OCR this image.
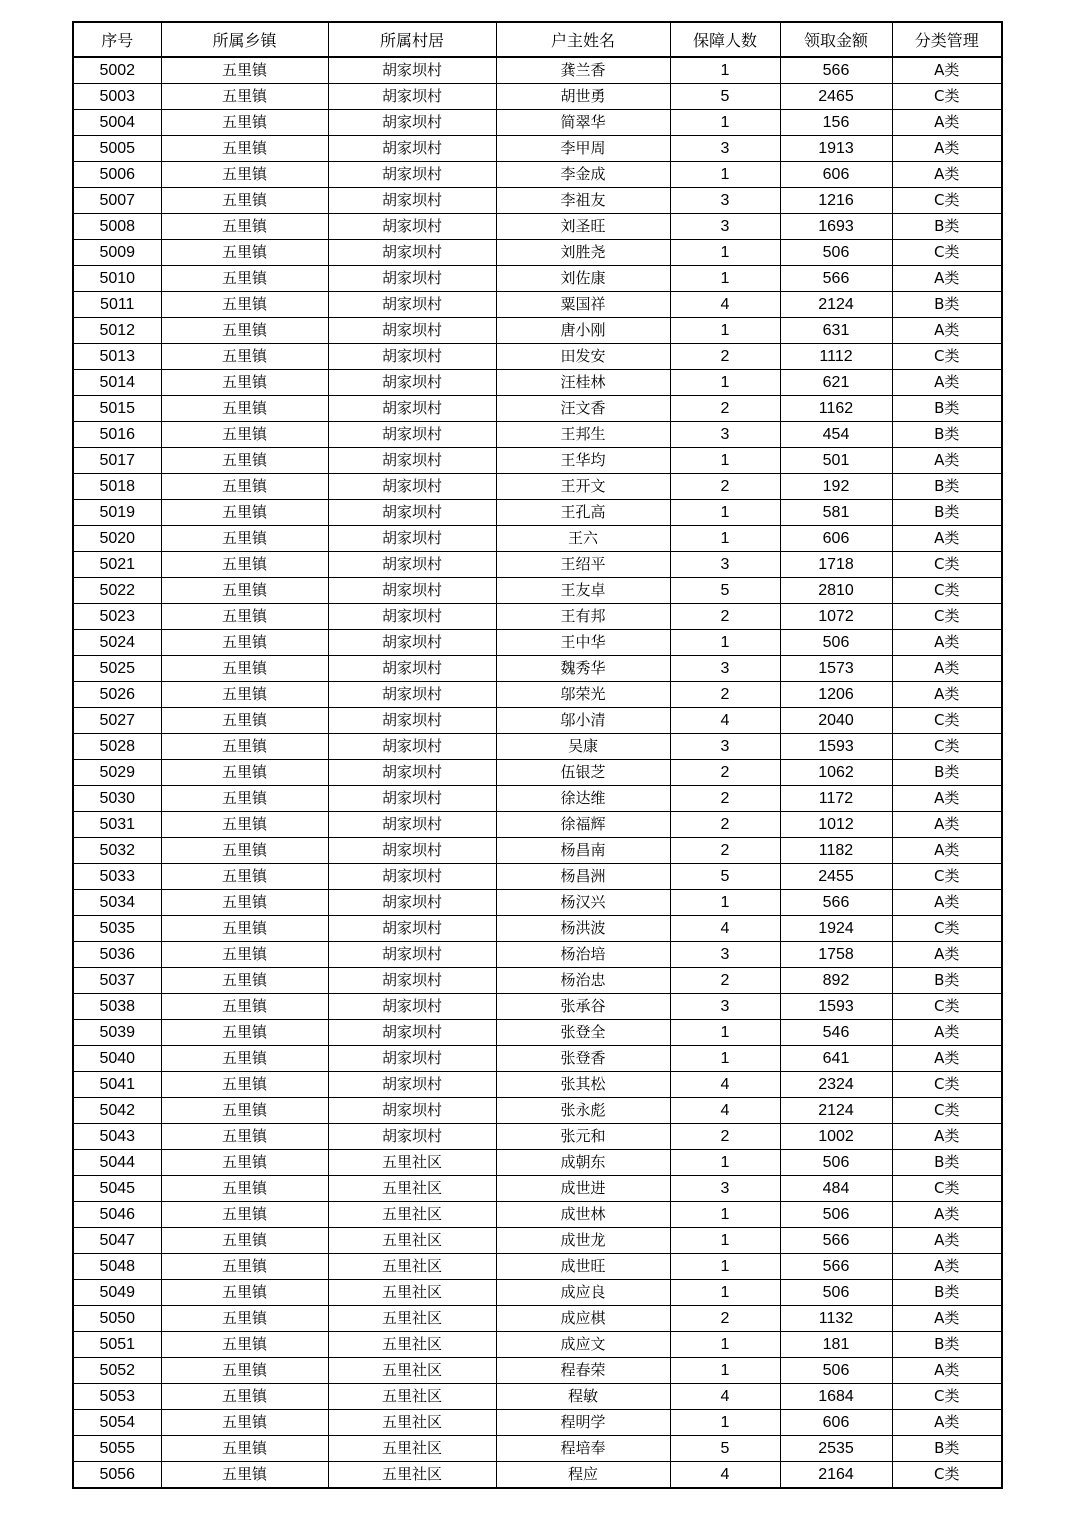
序号	所属乡镇	所属村居	户主姓名	保障人数	领取金额	分类管理
5002	五里镇	胡家坝村	龚兰香	1	566	A类
5003	五里镇	胡家坝村	胡世勇	5	2465	C类
5004	五里镇	胡家坝村	简翠华	1	156	A类
5005	五里镇	胡家坝村	李甲周	3	1913	A类
5006	五里镇	胡家坝村	李金成	1	606	A类
5007	五里镇	胡家坝村	李祖友	3	1216	C类
5008	五里镇	胡家坝村	刘圣旺	3	1693	B类
5009	五里镇	胡家坝村	刘胜尧	1	506	C类
5010	五里镇	胡家坝村	刘佐康	1	566	A类
5011	五里镇	胡家坝村	粟国祥	4	2124	B类
5012	五里镇	胡家坝村	唐小刚	1	631	A类
5013	五里镇	胡家坝村	田发安	2	1112	C类
5014	五里镇	胡家坝村	汪桂林	1	621	A类
5015	五里镇	胡家坝村	汪文香	2	1162	B类
5016	五里镇	胡家坝村	王邦生	3	454	B类
5017	五里镇	胡家坝村	王华均	1	501	A类
5018	五里镇	胡家坝村	王开文	2	192	B类
5019	五里镇	胡家坝村	王孔高	1	581	B类
5020	五里镇	胡家坝村	王六	1	606	A类
5021	五里镇	胡家坝村	王绍平	3	1718	C类
5022	五里镇	胡家坝村	王友卓	5	2810	C类
5023	五里镇	胡家坝村	王有邦	2	1072	C类
5024	五里镇	胡家坝村	王中华	1	506	A类
5025	五里镇	胡家坝村	魏秀华	3	1573	A类
5026	五里镇	胡家坝村	邬荣光	2	1206	A类
5027	五里镇	胡家坝村	邬小清	4	2040	C类
5028	五里镇	胡家坝村	吴康	3	1593	C类
5029	五里镇	胡家坝村	伍银芝	2	1062	B类
5030	五里镇	胡家坝村	徐达维	2	1172	A类
5031	五里镇	胡家坝村	徐福辉	2	1012	A类
5032	五里镇	胡家坝村	杨昌南	2	1182	A类
5033	五里镇	胡家坝村	杨昌洲	5	2455	C类
5034	五里镇	胡家坝村	杨汉兴	1	566	A类
5035	五里镇	胡家坝村	杨洪波	4	1924	C类
5036	五里镇	胡家坝村	杨治培	3	1758	A类
5037	五里镇	胡家坝村	杨治忠	2	892	B类
5038	五里镇	胡家坝村	张承谷	3	1593	C类
5039	五里镇	胡家坝村	张登全	1	546	A类
5040	五里镇	胡家坝村	张登香	1	641	A类
5041	五里镇	胡家坝村	张其松	4	2324	C类
5042	五里镇	胡家坝村	张永彪	4	2124	C类
5043	五里镇	胡家坝村	张元和	2	1002	A类
5044	五里镇	五里社区	成朝东	1	506	B类
5045	五里镇	五里社区	成世进	3	484	C类
5046	五里镇	五里社区	成世林	1	506	A类
5047	五里镇	五里社区	成世龙	1	566	A类
5048	五里镇	五里社区	成世旺	1	566	A类
5049	五里镇	五里社区	成应良	1	506	B类
5050	五里镇	五里社区	成应棋	2	1132	A类
5051	五里镇	五里社区	成应文	1	181	B类
5052	五里镇	五里社区	程春荣	1	506	A类
5053	五里镇	五里社区	程敏	4	1684	C类
5054	五里镇	五里社区	程明学	1	606	A类
5055	五里镇	五里社区	程培奉	5	2535	B类
5056	五里镇	五里社区	程应	4	2164	C类
